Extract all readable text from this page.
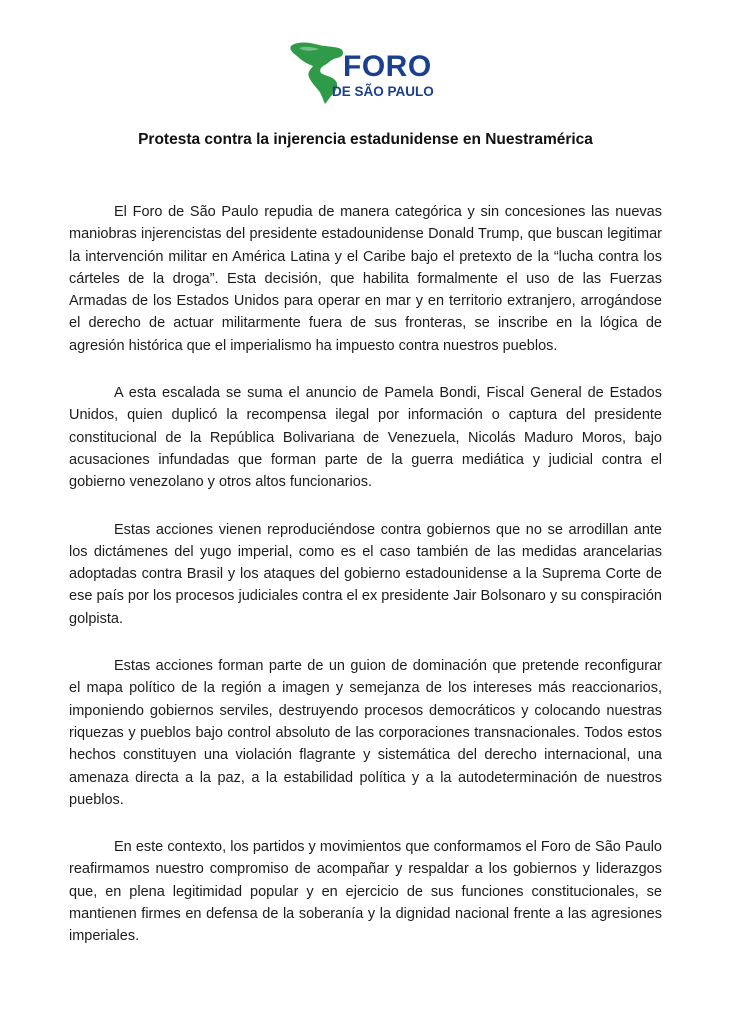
FORO
DE SÃO PAULO
Protesta contra la injerencia estadunidense en Nuestramérica

El Foro de São Paulo repudia de manera categórica y sin concesiones las nuevas maniobras injerencistas del presidente estadounidense Donald Trump, que buscan legitimar la intervención militar en América Latina y el Caribe bajo el pretexto de la “lucha contra los cárteles de la droga”. Esta decisión, que habilita formalmente el uso de las Fuerzas Armadas de los Estados Unidos para operar en mar y en territorio extranjero, arrogándose el derecho de actuar militarmente fuera de sus fronteras, se inscribe en la lógica de agresión histórica que el imperialismo ha impuesto contra nuestros pueblos.

A esta escalada se suma el anuncio de Pamela Bondi, Fiscal General de Estados Unidos, quien duplicó la recompensa ilegal por información o captura del presidente constitucional de la República Bolivariana de Venezuela, Nicolás Maduro Moros, bajo acusaciones infundadas que forman parte de la guerra mediática y judicial contra el gobierno venezolano y otros altos funcionarios.

Estas acciones vienen reproduciéndose contra gobiernos que no se arrodillan ante los dictámenes del yugo imperial, como es el caso también de las medidas arancelarias adoptadas contra Brasil y los ataques del gobierno estadounidense a la Suprema Corte de ese país por los procesos judiciales contra el ex presidente Jair Bolsonaro y su conspiración golpista.

Estas acciones forman parte de un guion de dominación que pretende reconfigurar el mapa político de la región a imagen y semejanza de los intereses más reaccionarios, imponiendo gobiernos serviles, destruyendo procesos democráticos y colocando nuestras riquezas y pueblos bajo control absoluto de las corporaciones transnacionales. Todos estos hechos constituyen una violación flagrante y sistemática del derecho internacional, una amenaza directa a la paz, a la estabilidad política y a la autodeterminación de nuestros pueblos.

En este contexto, los partidos y movimientos que conformamos el Foro de São Paulo reafirmamos nuestro compromiso de acompañar y respaldar a los gobiernos y liderazgos que, en plena legitimidad popular y en ejercicio de sus funciones constitucionales, se mantienen firmes en defensa de la soberanía y la dignidad nacional frente a las agresiones imperiales.
